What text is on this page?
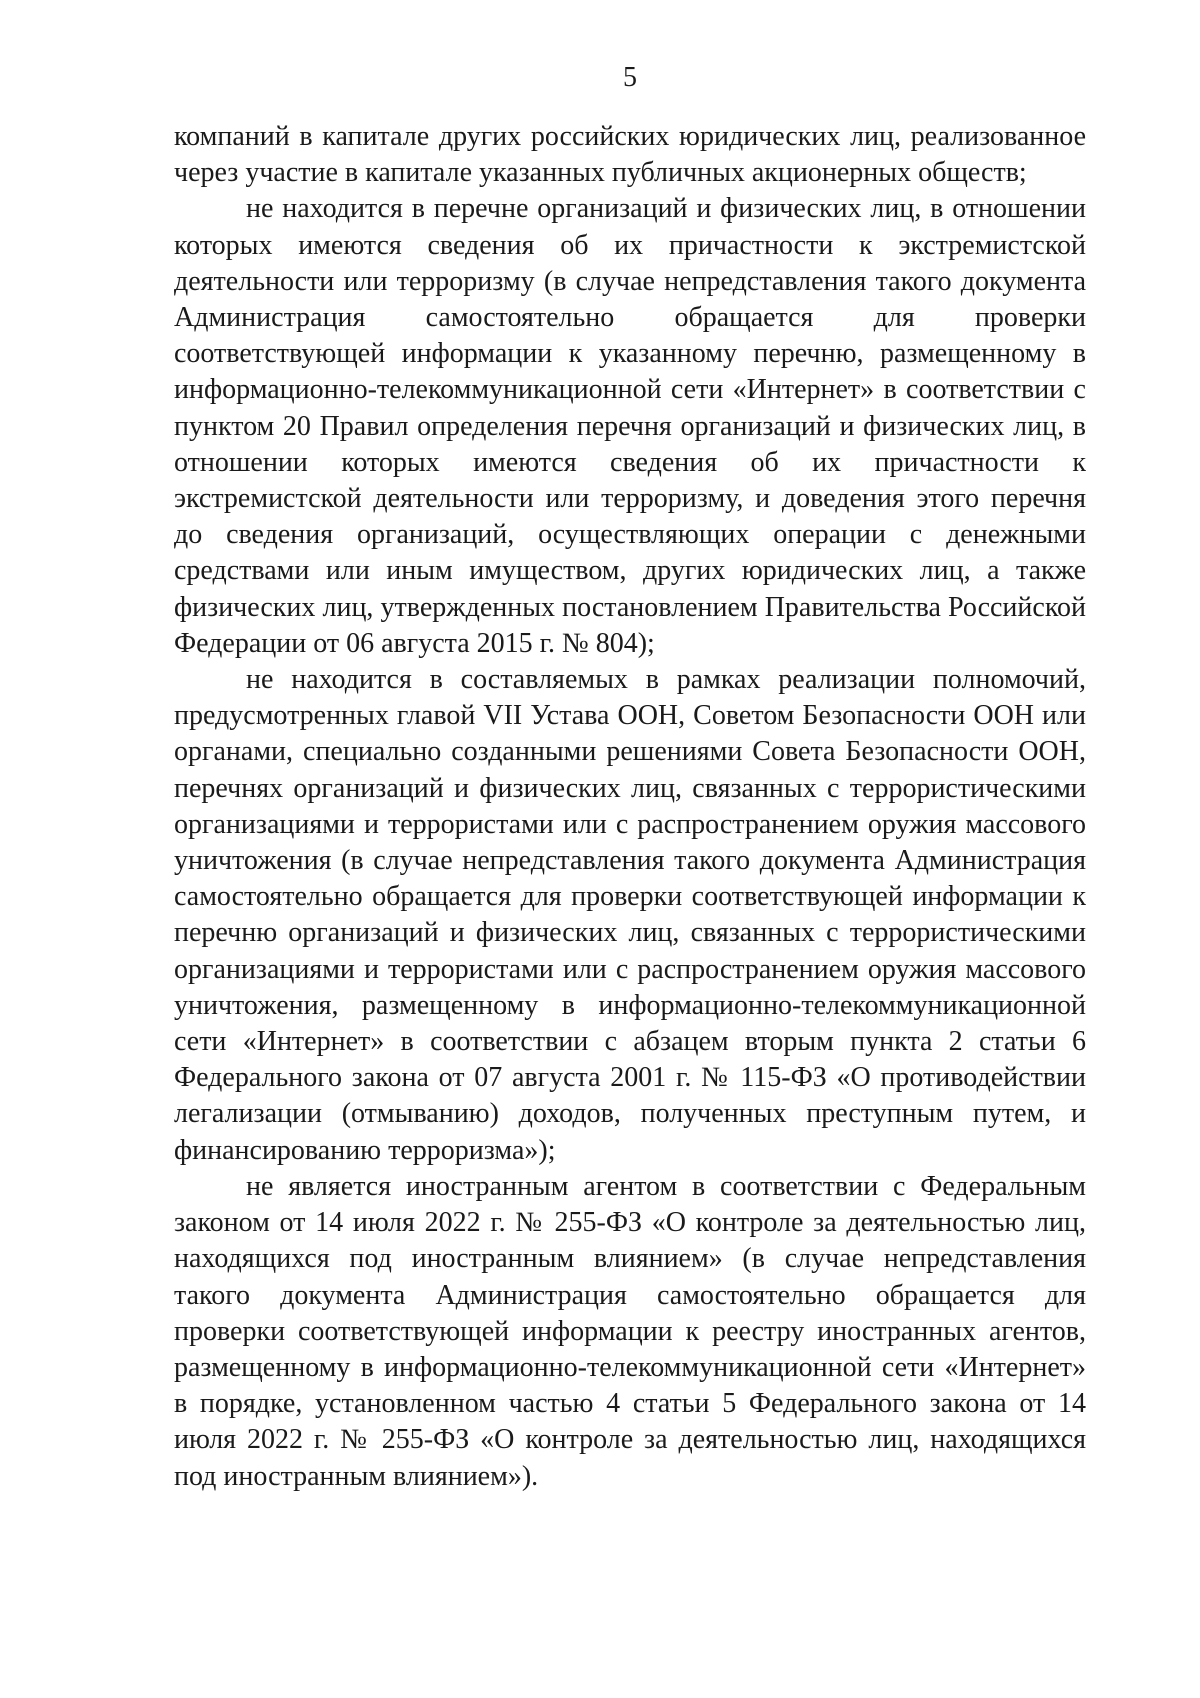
5

компаний в капитале других российских юридических лиц, реализованное через участие в капитале указанных публичных акционерных обществ;

не находится в перечне организаций и физических лиц, в отношении которых имеются сведения об их причастности к экстремистской деятельности или терроризму (в случае непредставления такого документа Администрация самостоятельно обращается для проверки соответствующей информации к указанному перечню, размещенному в информационно-телекоммуникационной сети «Интернет» в соответствии с пунктом 20 Правил определения перечня организаций и физических лиц, в отношении которых имеются сведения об их причастности к экстремистской деятельности или терроризму, и доведения этого перечня до сведения организаций, осуществляющих операции с денежными средствами или иным имуществом, других юридических лиц, а также физических лиц, утвержденных постановлением Правительства Российской Федерации от 06 августа 2015 г. № 804);

не находится в составляемых в рамках реализации полномочий, предусмотренных главой VII Устава ООН, Советом Безопасности ООН или органами, специально созданными решениями Совета Безопасности ООН, перечнях организаций и физических лиц, связанных с террористическими организациями и террористами или с распространением оружия массового уничтожения (в случае непредставления такого документа Администрация самостоятельно обращается для проверки соответствующей информации к перечню организаций и физических лиц, связанных с террористическими организациями и террористами или с распространением оружия массового уничтожения, размещенному в информационно-телекоммуникационной сети «Интернет» в соответствии с абзацем вторым пункта 2 статьи 6 Федерального закона от 07 августа 2001 г. № 115-ФЗ «О противодействии легализации (отмыванию) доходов, полученных преступным путем, и финансированию терроризма»);

не является иностранным агентом в соответствии с Федеральным законом от 14 июля 2022 г. № 255-ФЗ «О контроле за деятельностью лиц, находящихся под иностранным влиянием» (в случае непредставления такого документа Администрация самостоятельно обращается для проверки соответствующей информации к реестру иностранных агентов, размещенному в информационно-телекоммуникационной сети «Интернет» в порядке, установленном частью 4 статьи 5 Федерального закона от 14 июля 2022 г. № 255-ФЗ «О контроле за деятельностью лиц, находящихся под иностранным влиянием»).
